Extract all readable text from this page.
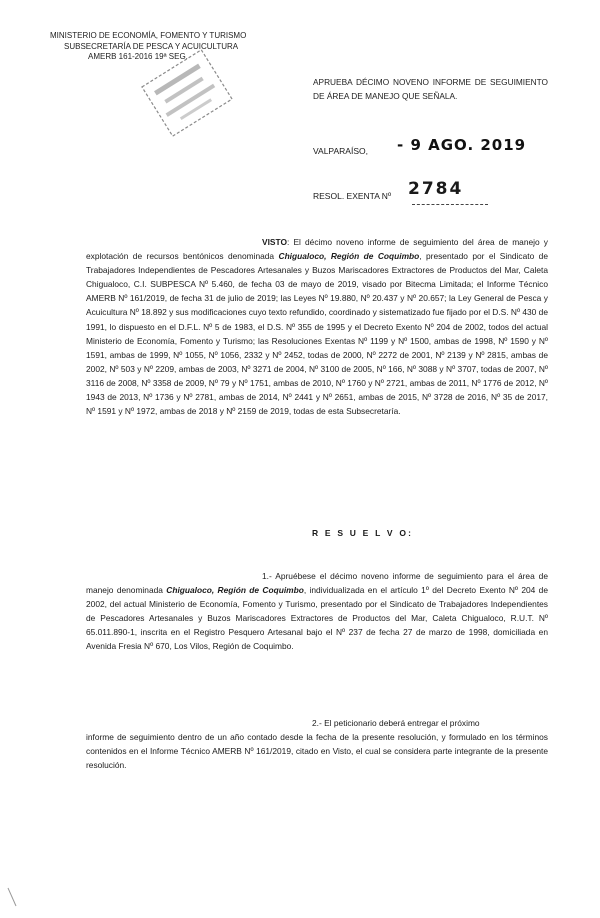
MINISTERIO DE ECONOMÍA, FOMENTO Y TURISMO
SUBSECRETARÍA DE PESCA Y ACUICULTURA
AMERB 161-2016 19ª SEG.
APRUEBA DÉCIMO NOVENO INFORME DE SEGUIMIENTO DE ÁREA DE MANEJO QUE SEÑALA.
VALPARAÍSO, - 9 AGO. 2019
RESOL. EXENTA Nº 2784
VISTO: El décimo noveno informe de seguimiento del área de manejo y explotación de recursos bentónicos denominada Chigualoco, Región de Coquimbo, presentado por el Sindicato de Trabajadores Independientes de Pescadores Artesanales y Buzos Mariscadores Extractores de Productos del Mar, Caleta Chigualoco, C.I. SUBPESCA Nº 5.460, de fecha 03 de mayo de 2019, visado por Bitecma Limitada; el Informe Técnico AMERB Nº 161/2019, de fecha 31 de julio de 2019; las Leyes Nº 19.880, Nº 20.437 y Nº 20.657; la Ley General de Pesca y Acuicultura Nº 18.892 y sus modificaciones cuyo texto refundido, coordinado y sistematizado fue fijado por el D.S. Nº 430 de 1991, lo dispuesto en el D.F.L. Nº 5 de 1983, el D.S. Nº 355 de 1995 y el Decreto Exento Nº 204 de 2002, todos del actual Ministerio de Economía, Fomento y Turismo; las Resoluciones Exentas Nº 1199 y Nº 1500, ambas de 1998, Nº 1590 y Nº 1591, ambas de 1999, Nº 1055, Nº 1056, 2332 y Nº 2452, todas de 2000, Nº 2272 de 2001, Nº 2139 y Nº 2815, ambas de 2002, Nº 503 y Nº 2209, ambas de 2003, Nº 3271 de 2004, Nº 3100 de 2005, Nº 166, Nº 3088 y Nº 3707, todas de 2007, Nº 3116 de 2008, Nº 3358 de 2009, Nº 79 y Nº 1751, ambas de 2010, Nº 1760 y Nº 2721, ambas de 2011, Nº 1776 de 2012, Nº 1943 de 2013, Nº 1736 y Nº 2781, ambas de 2014, Nº 2441 y Nº 2651, ambas de 2015, Nº 3728 de 2016, Nº 35 de 2017, Nº 1591 y Nº 1972, ambas de 2018 y Nº 2159 de 2019, todas de esta Subsecretaría.
R E S U E L V O:
1.- Apruébese el décimo noveno informe de seguimiento para el área de manejo denominada Chigualoco, Región de Coquimbo, individualizada en el artículo 1º del Decreto Exento Nº 204 de 2002, del actual Ministerio de Economía, Fomento y Turismo, presentado por el Sindicato de Trabajadores Independientes de Pescadores Artesanales y Buzos Mariscadores Extractores de Productos del Mar, Caleta Chigualoco, R.U.T. Nº 65.011.890-1, inscrita en el Registro Pesquero Artesanal bajo el Nº 237 de fecha 27 de marzo de 1998, domiciliada en Avenida Fresia Nº 670, Los Vilos, Región de Coquimbo.
2.- El peticionario deberá entregar el próximo
informe de seguimiento dentro de un año contado desde la fecha de la presente resolución, y formulado en los términos contenidos en el Informe Técnico AMERB Nº 161/2019, citado en Visto, el cual se considera parte integrante de la presente resolución.
